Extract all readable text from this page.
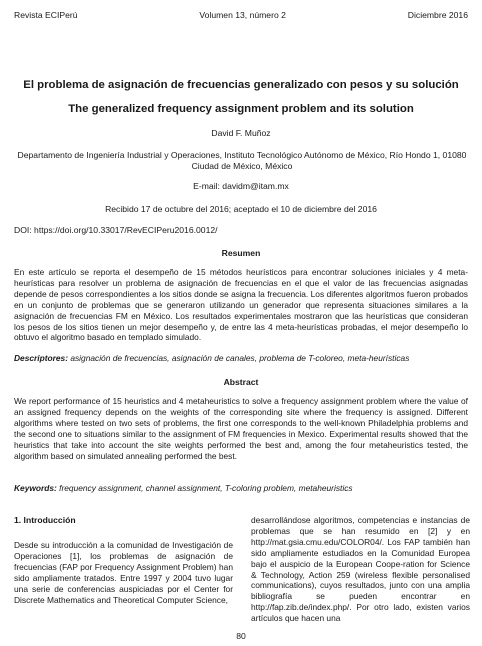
Revista ECIPerú	Volumen 13, número 2	Diciembre 2016
El problema de asignación de frecuencias generalizado con pesos y su solución
The generalized frequency assignment problem and its solution
David F. Muñoz
Departamento de Ingeniería Industrial y Operaciones, Instituto Tecnológico Autónomo de México, Río Hondo 1, 01080 Ciudad de México, México
E-mail: davidm@itam.mx
Recibido 17 de octubre del 2016; aceptado el 10 de diciembre del 2016
DOI: https://doi.org/10.33017/RevECIPeru2016.0012/
Resumen
En este artículo se reporta el desempeño de 15 métodos heurísticos para encontrar soluciones iniciales y 4 meta-heurísticas para resolver un problema de asignación de frecuencias en el que el valor de las frecuencias asignadas depende de pesos correspondientes a los sitios donde se asigna la frecuencia. Los diferentes algoritmos fueron probados en un conjunto de problemas que se generaron utilizando un generador que representa situaciones similares a la asignación de frecuencias FM en México. Los resultados experimentales mostraron que las heurísticas que consideran los pesos de los sitios tienen un mejor desempeño y, de entre las 4 meta-heurísticas probadas, el mejor desempeño lo obtuvo el algoritmo basado en templado simulado.
Descriptores: asignación de frecuencias, asignación de canales, problema de T-coloreo, meta-heurísticas
Abstract
We report performance of 15 heuristics and 4 metaheuristics to solve a frequency assignment problem where the value of an assigned frequency depends on the weights of the corresponding site where the frequency is assigned. Different algorithms where tested on two sets of problems, the first one corresponds to the well-known Philadelphia problems and the second one to situations similar to the assignment of FM frequencies in Mexico. Experimental results showed that the heuristics that take into account the site weights performed the best and, among the four metaheuristics tested, the algorithm based on simulated annealing performed the best.
Keywords: frequency assignment, channel assignment, T-coloring problem, metaheuristics
1. Introducción

Desde su introducción a la comunidad de Investigación de Operaciones [1], los problemas de asignación de frecuencias (FAP por Frequency Assignment Problem) han sido ampliamente tratados. Entre 1997 y 2004 tuvo lugar una serie de conferencias auspiciadas por el Center for Discrete Mathematics and Theoretical Computer Science,

desarrollándose algoritmos, competencias e instancias de problemas que se han resumido en [2] y en http://mat.gsia.cmu.edu/COLOR04/. Los FAP también han sido ampliamente estudiados en la Comunidad Europea bajo el auspicio de la European Coope-ration for Science & Technology, Action 259 (wireless flexible personalised communications), cuyos resultados, junto con una amplia bibliografía se pueden encontrar en http://fap.zib.de/index.php/. Por otro lado, existen varios artículos que hacen una

80
